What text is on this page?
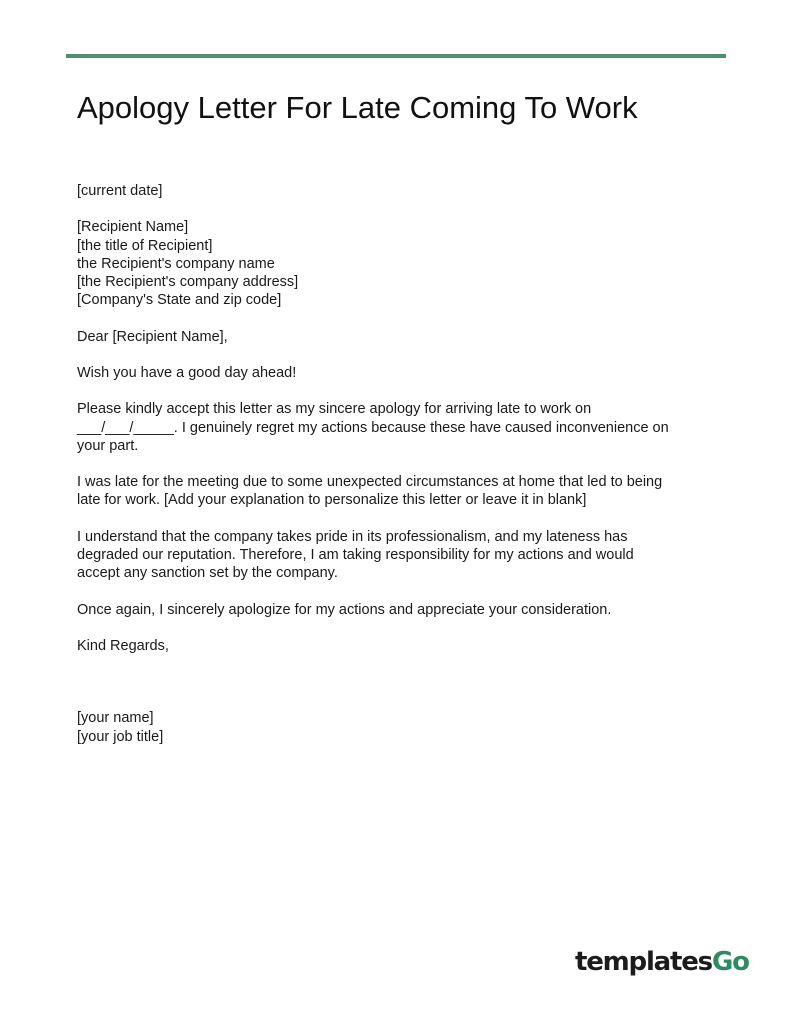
Apology Letter For Late Coming To Work

[current date]

[Recipient Name]
[the title of Recipient]
the Recipient's company name
[the Recipient's company address]
[Company's State and zip code]

Dear [Recipient Name],

Wish you have a good day ahead!

Please kindly accept this letter as my sincere apology for arriving late to work on
___/___/_____. I genuinely regret my actions because these have caused inconvenience on
your part.

I was late for the meeting due to some unexpected circumstances at home that led to being
late for work. [Add your explanation to personalize this letter or leave it in blank]

I understand that the company takes pride in its professionalism, and my lateness has
degraded our reputation. Therefore, I am taking responsibility for my actions and would
accept any sanction set by the company.

Once again, I sincerely apologize for my actions and appreciate your consideration.

Kind Regards,

[your name]
[your job title]

templatesGo
